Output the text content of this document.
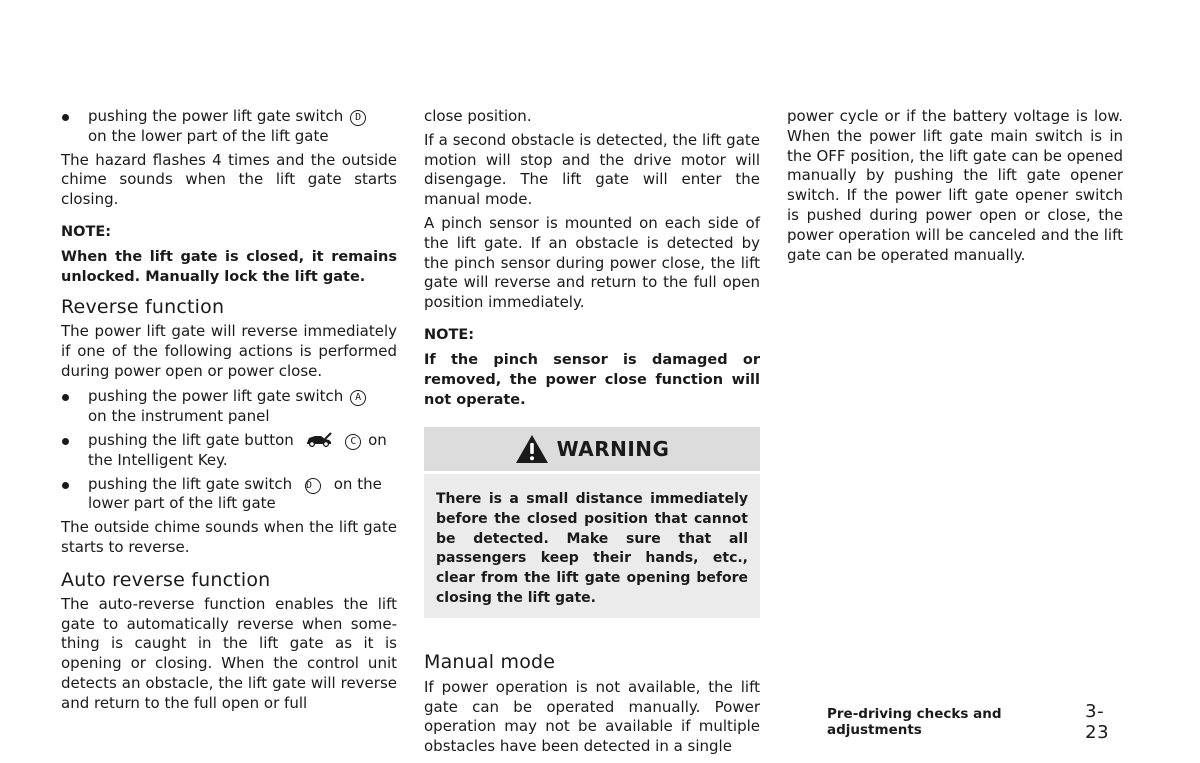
pushing the power lift gate switch D
on the lower part of the lift gate

The hazard flashes 4 times and the outside chime sounds when the lift gate starts closing.

NOTE:
When the lift gate is closed, it remains unlocked. Manually lock the lift gate.
Reverse function

The power lift gate will reverse immediately if one of the following actions is performed during power open or power close.

pushing the power lift gate switch A
on the instrument panel
pushing the lift gate button	C on
the Intelligent Key.
pushing the lift gate switch D on the
lower part of the lift gate

The outside chime sounds when the lift gate starts to reverse.

Auto reverse function

The auto-reverse function enables the lift gate to automatically reverse when some- thing is caught in the lift gate as it is opening or closing. When the control unit detects an obstacle, the lift gate will reverse and return to the full open or full

close position.

If a second obstacle is detected, the lift gate motion will stop and the drive motor will disengage. The lift gate will enter the manual mode.

A pinch sensor is mounted on each side of the lift gate. If an obstacle is detected by the pinch sensor during power close, the lift gate will reverse and return to the full open position immediately.

NOTE:
If the pinch sensor is damaged or removed, the power close function will not operate.
WARNING
There is a small distance immediately before the closed position that cannot be detected. Make sure that all passengers keep their hands, etc., clear from the lift gate opening before closing the lift gate.
Manual mode

If power operation is not available, the lift gate can be operated manually. Power operation may not be available if multiple obstacles have been detected in a single

power cycle or if the battery voltage is low. When the power lift gate main switch is in the OFF position, the lift gate can be opened manually by pushing the lift gate opener switch. If the power lift gate opener switch is pushed during power open or close, the power operation will be canceled and the lift gate can be operated manually.

Pre-driving checks and adjustments
3-23
